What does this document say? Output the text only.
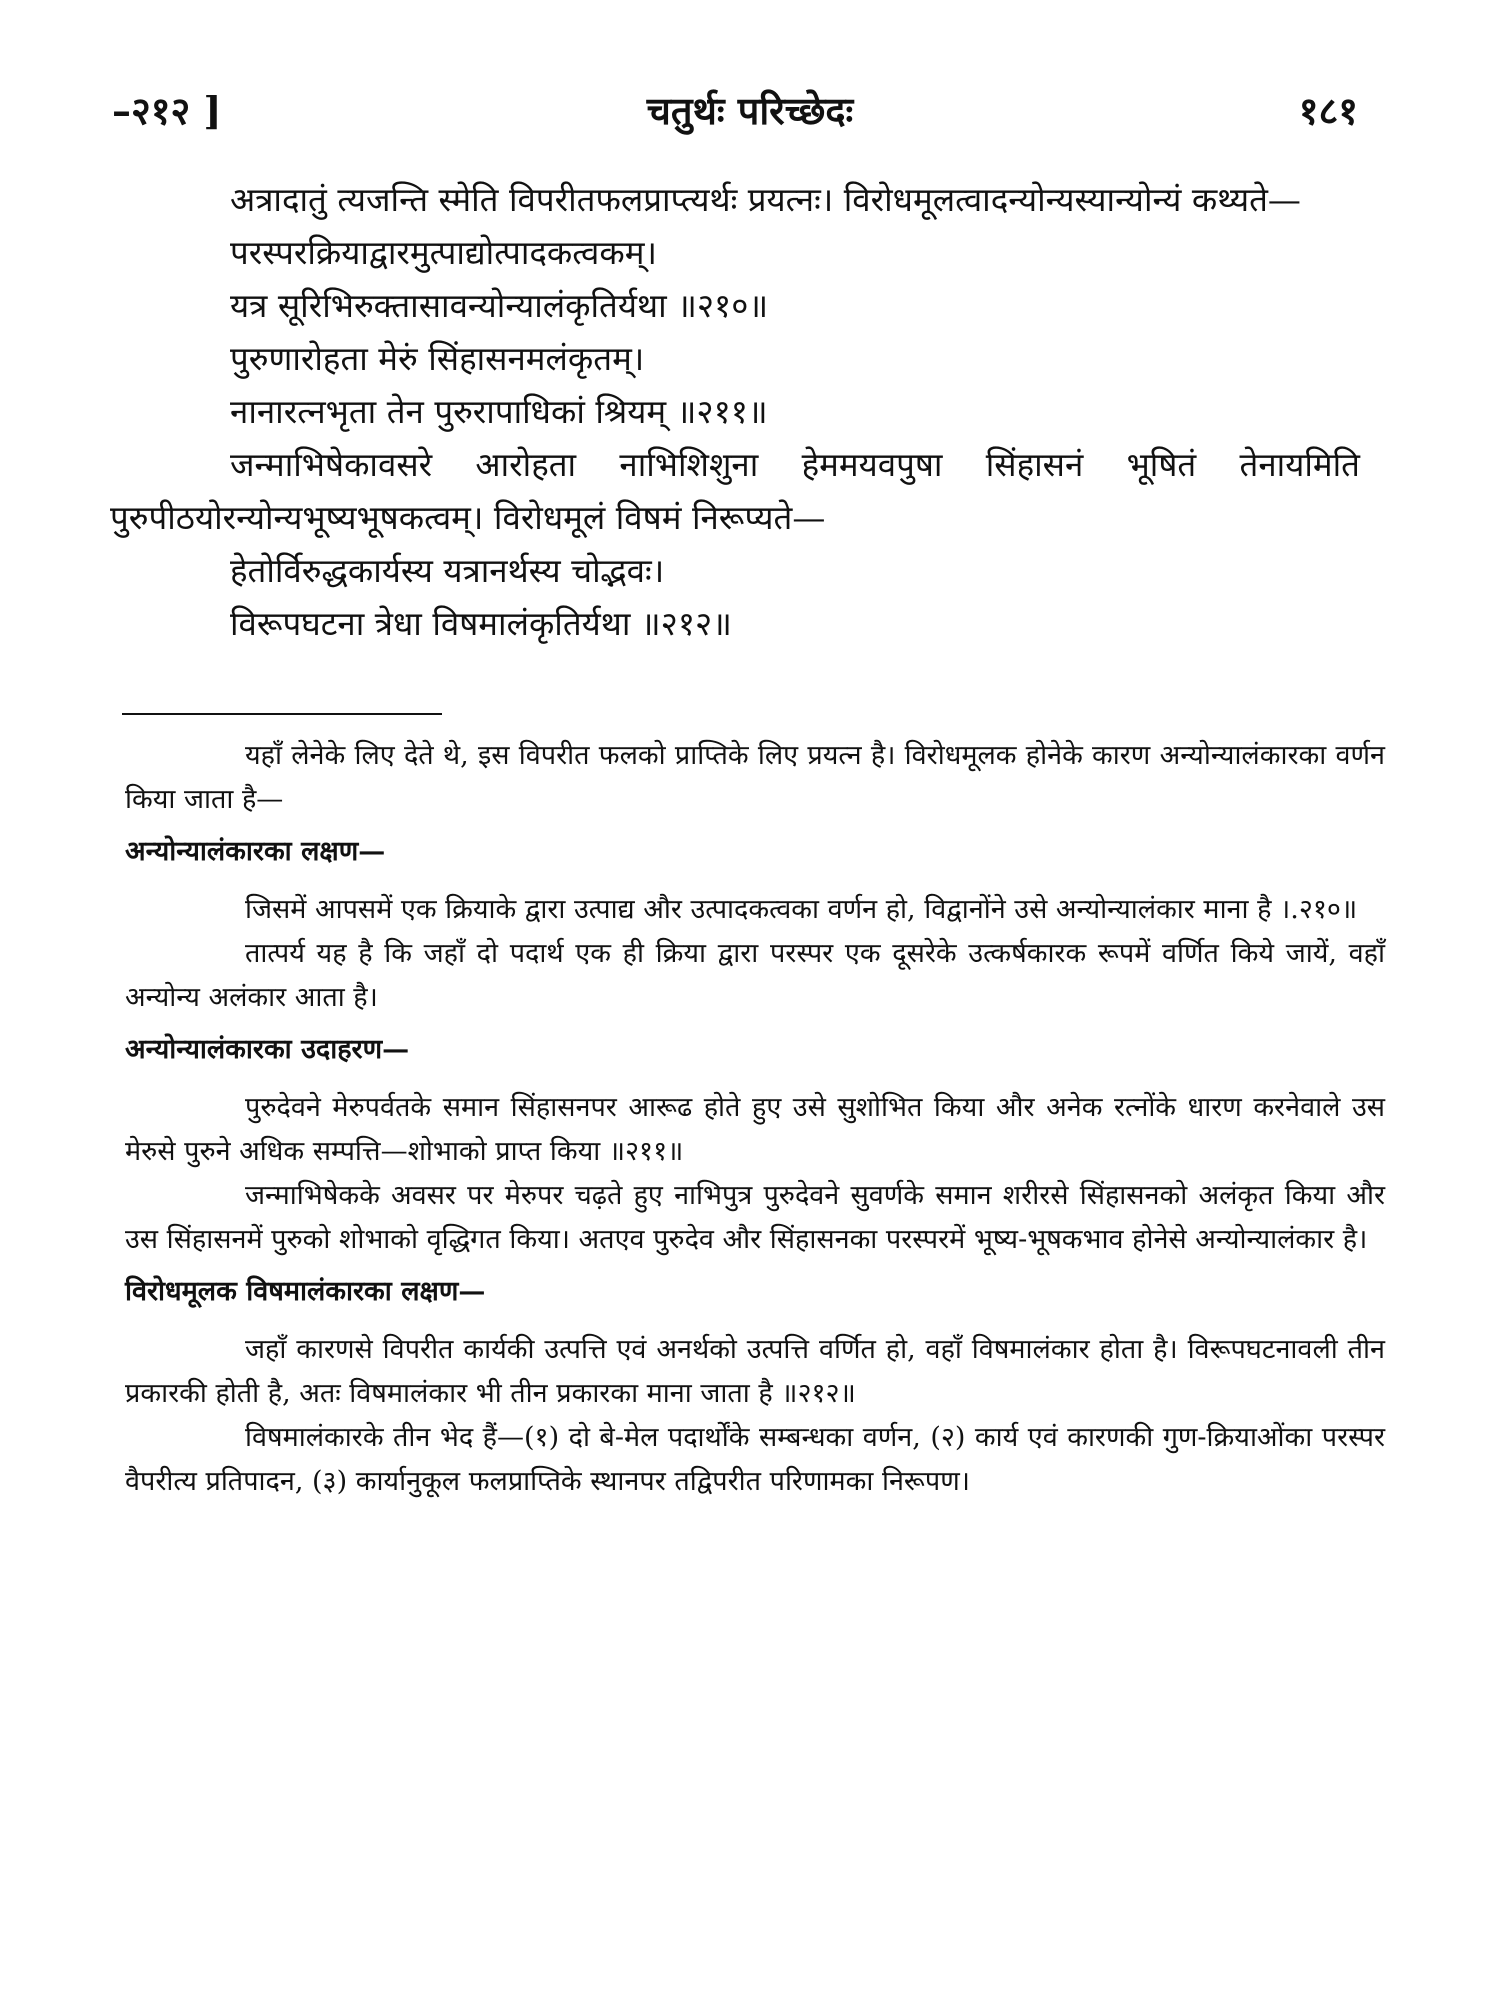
–२१२ ]	चतुर्थः परिच्छेदः	१८१

अत्रादातुं त्यजन्ति स्मेति विपरीतफलप्राप्त्यर्थः प्रयत्नः। विरोधमूलत्वादन्योन्यस्यान्योन्यं कथ्यते—

परस्परक्रियाद्वारमुत्पाद्योत्पादकत्वकम्।

यत्र सूरिभिरुक्तासावन्योन्यालंकृतिर्यथा ॥२१०॥

पुरुणारोहता मेरुं सिंहासनमलंकृतम्।

नानारत्नभृता तेन पुरुरापाधिकां श्रियम् ॥२११॥

जन्माभिषेकावसरे आरोहता नाभिशिशुना हेममयवपुषा सिंहासनं भूषितं तेनायमिति पुरुपीठयोरन्योन्यभूष्यभूषकत्वम्। विरोधमूलं विषमं निरूप्यते—

हेतोर्विरुद्धकार्यस्य यत्रानर्थस्य चोद्भवः।

विरूपघटना त्रेधा विषमालंकृतिर्यथा ॥२१२॥

यहाँ लेनेके लिए देते थे, इस विपरीत फलको प्राप्तिके लिए प्रयत्न है। विरोधमूलक होनेके कारण अन्योन्यालंकारका वर्णन किया जाता है—

अन्योन्यालंकारका लक्षण—

जिसमें आपसमें एक क्रियाके द्वारा उत्पाद्य और उत्पादकत्वका वर्णन हो, विद्वानोंने उसे अन्योन्यालंकार माना है ।.२१०॥

तात्पर्य यह है कि जहाँ दो पदार्थ एक ही क्रिया द्वारा परस्पर एक दूसरेके उत्कर्षकारक रूपमें वर्णित किये जायें, वहाँ अन्योन्य अलंकार आता है।

अन्योन्यालंकारका उदाहरण—

पुरुदेवने मेरुपर्वतके समान सिंहासनपर आरूढ होते हुए उसे सुशोभित किया और अनेक रत्नोंके धारण करनेवाले उस मेरुसे पुरुने अधिक सम्पत्ति—शोभाको प्राप्त किया ॥२११॥

जन्माभिषेकके अवसर पर मेरुपर चढ़ते हुए नाभिपुत्र पुरुदेवने सुवर्णके समान शरीरसे सिंहासनको अलंकृत किया और उस सिंहासनमें पुरुको शोभाको वृद्धिगत किया। अतएव पुरुदेव और सिंहासनका परस्परमें भूष्य-भूषकभाव होनेसे अन्योन्यालंकार है।

विरोधमूलक विषमालंकारका लक्षण—

जहाँ कारणसे विपरीत कार्यकी उत्पत्ति एवं अनर्थको उत्पत्ति वर्णित हो, वहाँ विषमालंकार होता है। विरूपघटनावली तीन प्रकारकी होती है, अतः विषमालंकार भी तीन प्रकारका माना जाता है ॥२१२॥

विषमालंकारके तीन भेद हैं—(१) दो बे-मेल पदार्थोंके सम्बन्धका वर्णन, (२) कार्य एवं कारणकी गुण-क्रियाओंका परस्पर वैपरीत्य प्रतिपादन, (३) कार्यानुकूल फलप्राप्तिके स्थानपर तद्विपरीत परिणामका निरूपण।
